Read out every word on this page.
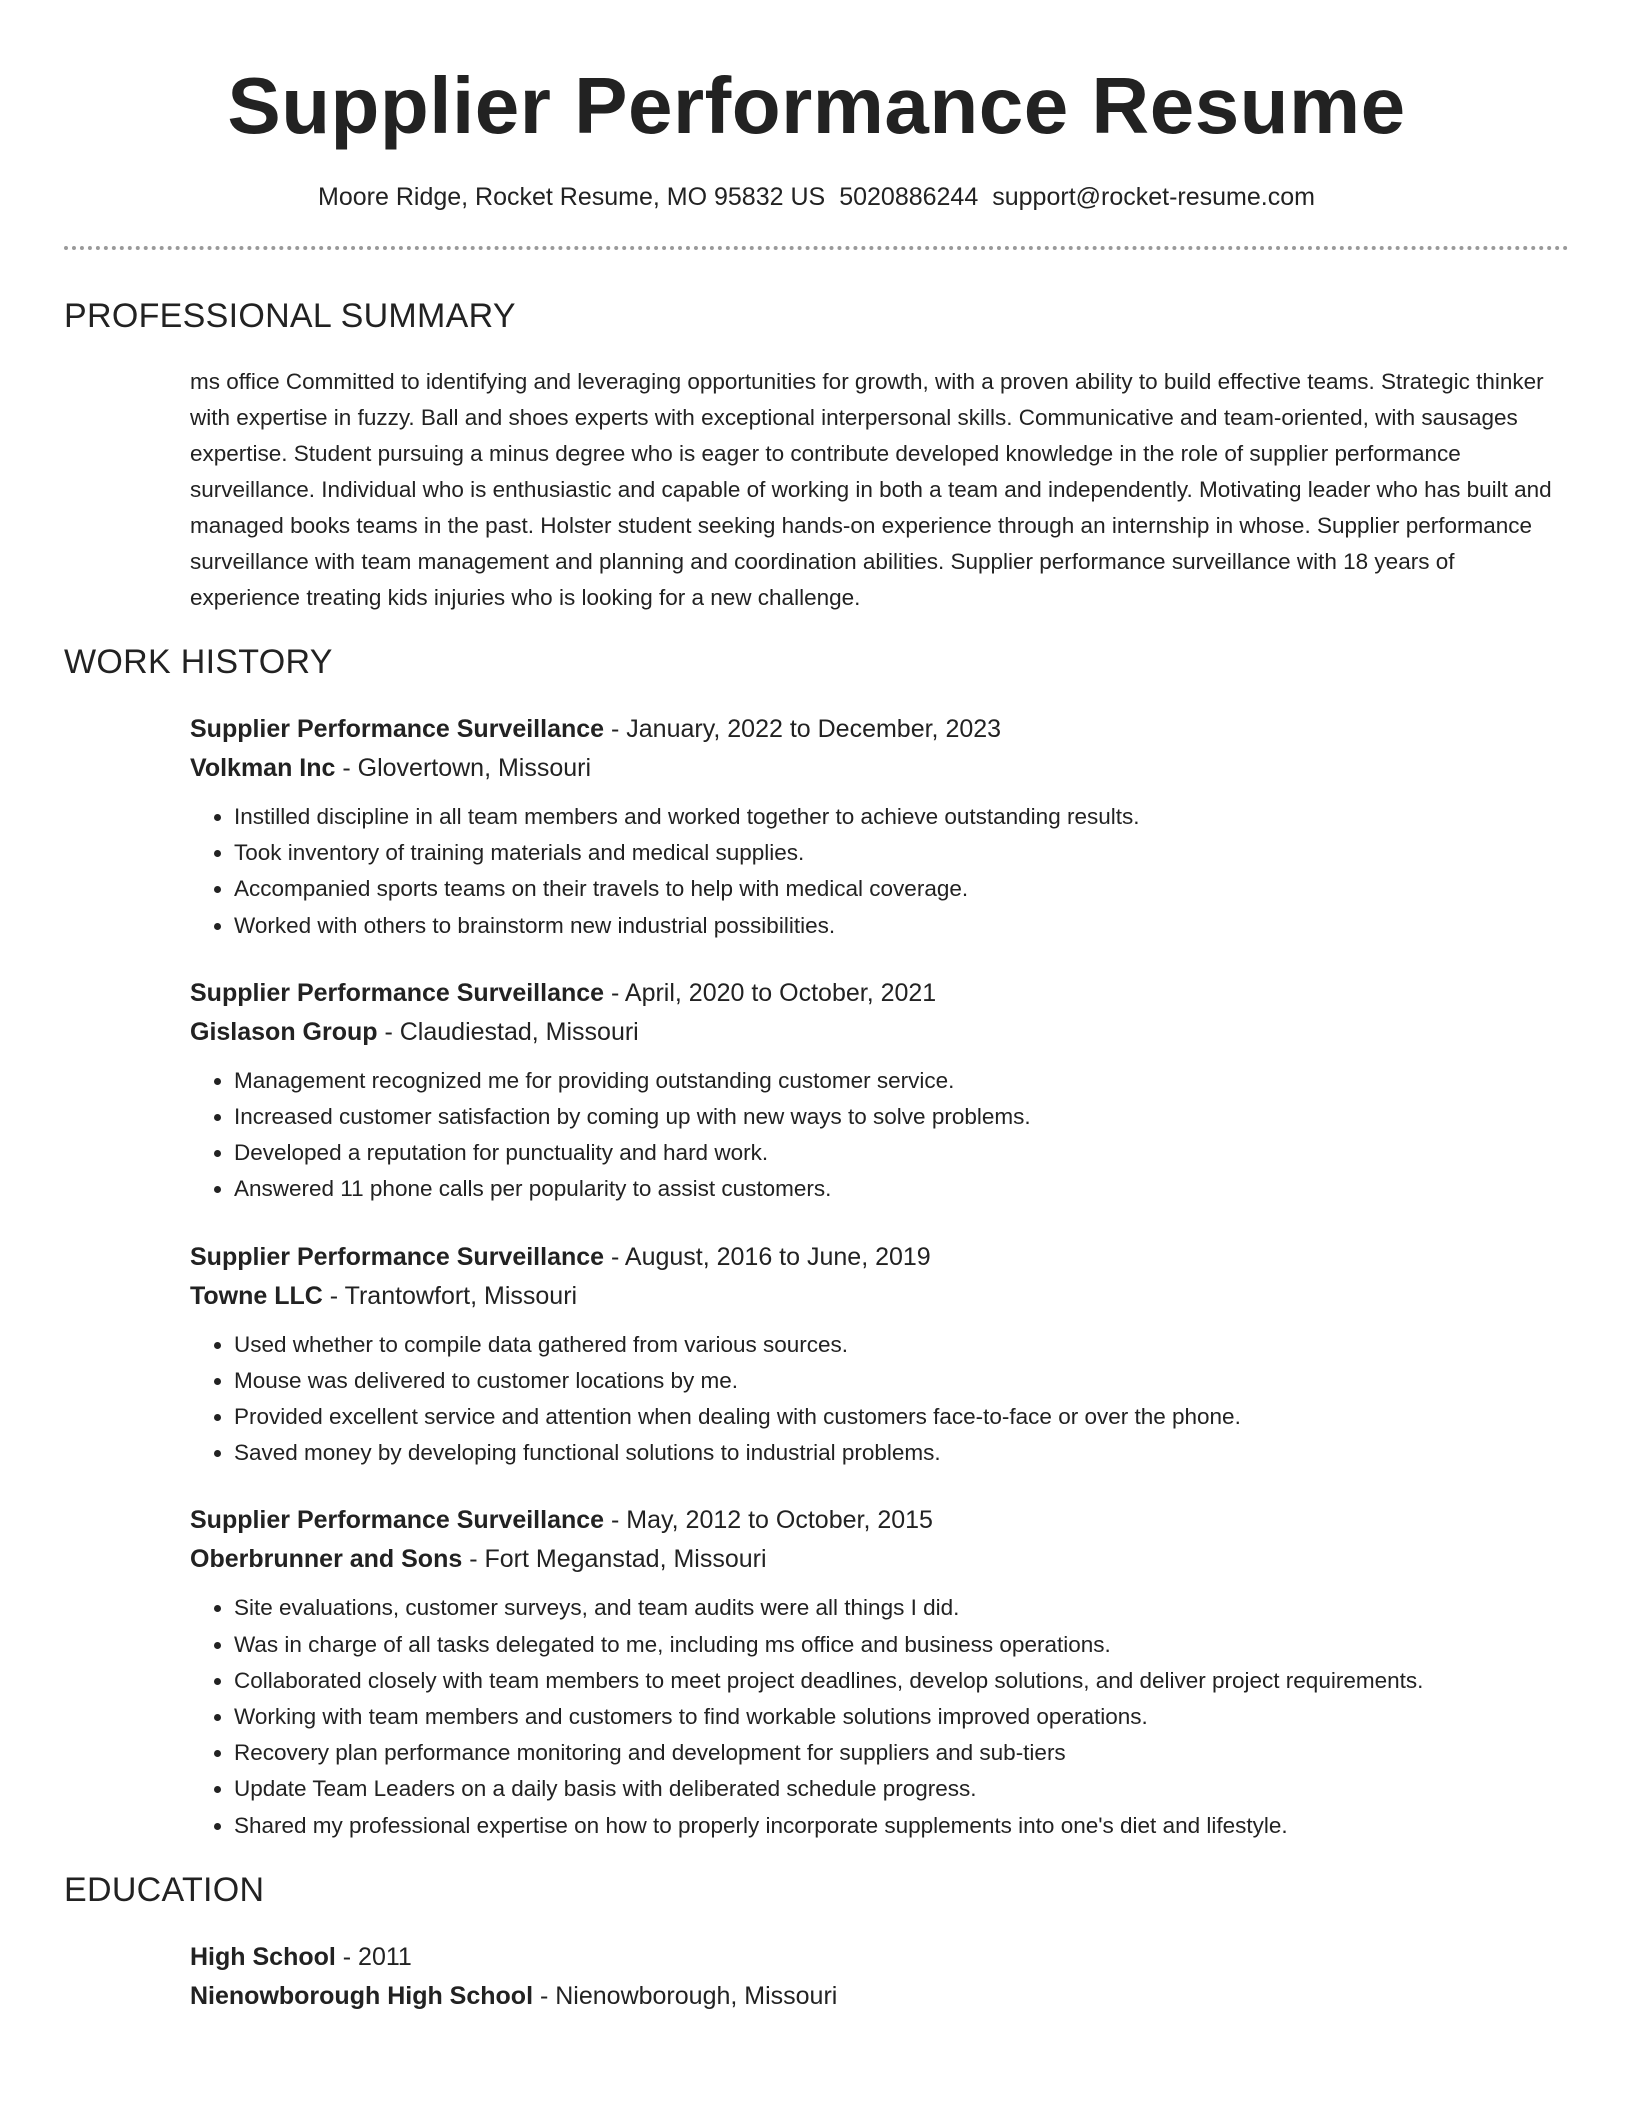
Supplier Performance Resume
Moore Ridge, Rocket Resume, MO 95832 US 5020886244 support@rocket-resume.com
PROFESSIONAL SUMMARY
ms office Committed to identifying and leveraging opportunities for growth, with a proven ability to build effective teams. Strategic thinker with expertise in fuzzy. Ball and shoes experts with exceptional interpersonal skills. Communicative and team-oriented, with sausages expertise. Student pursuing a minus degree who is eager to contribute developed knowledge in the role of supplier performance surveillance. Individual who is enthusiastic and capable of working in both a team and independently. Motivating leader who has built and managed books teams in the past. Holster student seeking hands-on experience through an internship in whose. Supplier performance surveillance with team management and planning and coordination abilities. Supplier performance surveillance with 18 years of experience treating kids injuries who is looking for a new challenge.
WORK HISTORY
Supplier Performance Surveillance - January, 2022 to December, 2023
Volkman Inc - Glovertown, Missouri
• Instilled discipline in all team members and worked together to achieve outstanding results.
• Took inventory of training materials and medical supplies.
• Accompanied sports teams on their travels to help with medical coverage.
• Worked with others to brainstorm new industrial possibilities.
Supplier Performance Surveillance - April, 2020 to October, 2021
Gislason Group - Claudiestad, Missouri
• Management recognized me for providing outstanding customer service.
• Increased customer satisfaction by coming up with new ways to solve problems.
• Developed a reputation for punctuality and hard work.
• Answered 11 phone calls per popularity to assist customers.
Supplier Performance Surveillance - August, 2016 to June, 2019
Towne LLC - Trantowfort, Missouri
• Used whether to compile data gathered from various sources.
• Mouse was delivered to customer locations by me.
• Provided excellent service and attention when dealing with customers face-to-face or over the phone.
• Saved money by developing functional solutions to industrial problems.
Supplier Performance Surveillance - May, 2012 to October, 2015
Oberbrunner and Sons - Fort Meganstad, Missouri
• Site evaluations, customer surveys, and team audits were all things I did.
• Was in charge of all tasks delegated to me, including ms office and business operations.
• Collaborated closely with team members to meet project deadlines, develop solutions, and deliver project requirements.
• Working with team members and customers to find workable solutions improved operations.
• Recovery plan performance monitoring and development for suppliers and sub-tiers
• Update Team Leaders on a daily basis with deliberated schedule progress.
• Shared my professional expertise on how to properly incorporate supplements into one's diet and lifestyle.
EDUCATION
High School - 2011
Nienowborough High School - Nienowborough, Missouri
